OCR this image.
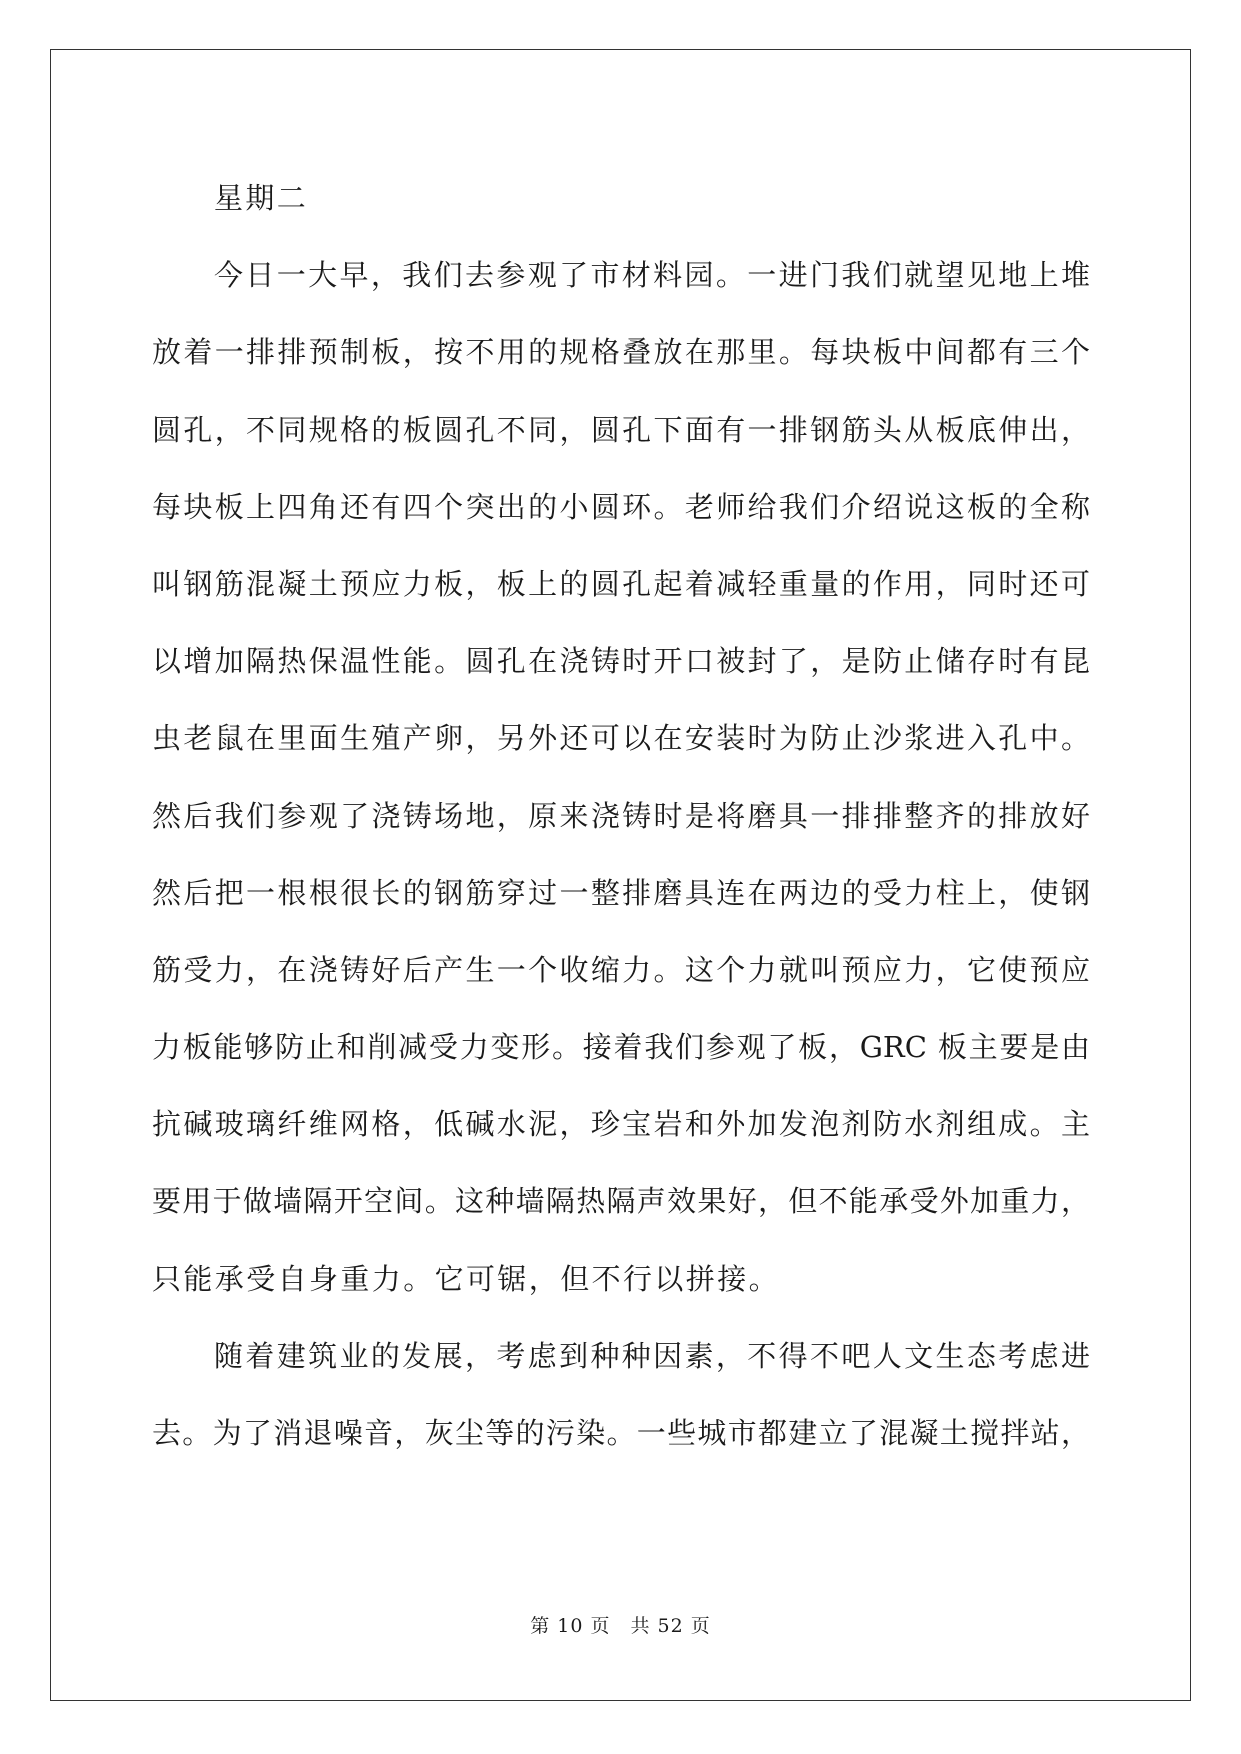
星期二
今日一大早，我们去参观了市材料园。一进门我们就望见地上堆
放着一排排预制板，按不用的规格叠放在那里。每块板中间都有三个
圆孔，不同规格的板圆孔不同，圆孔下面有一排钢筋头从板底伸出，
每块板上四角还有四个突出的小圆环。老师给我们介绍说这板的全称
叫钢筋混凝土预应力板，板上的圆孔起着减轻重量的作用，同时还可
以增加隔热保温性能。圆孔在浇铸时开口被封了，是防止储存时有昆
虫老鼠在里面生殖产卵，另外还可以在安装时为防止沙浆进入孔中。
然后我们参观了浇铸场地，原来浇铸时是将磨具一排排整齐的排放好
然后把一根根很长的钢筋穿过一整排磨具连在两边的受力柱上，使钢
筋受力，在浇铸好后产生一个收缩力。这个力就叫预应力，它使预应
力板能够防止和削减受力变形。接着我们参观了板，GRC 板主要是由
抗碱玻璃纤维网格，低碱水泥，珍宝岩和外加发泡剂防水剂组成。主
要用于做墙隔开空间。这种墙隔热隔声效果好，但不能承受外加重力，
只能承受自身重力。它可锯，但不行以拼接。
随着建筑业的发展，考虑到种种因素，不得不吧人文生态考虑进
去。为了消退噪音，灰尘等的污染。一些城市都建立了混凝土搅拌站，
第 10 页　共 52 页
